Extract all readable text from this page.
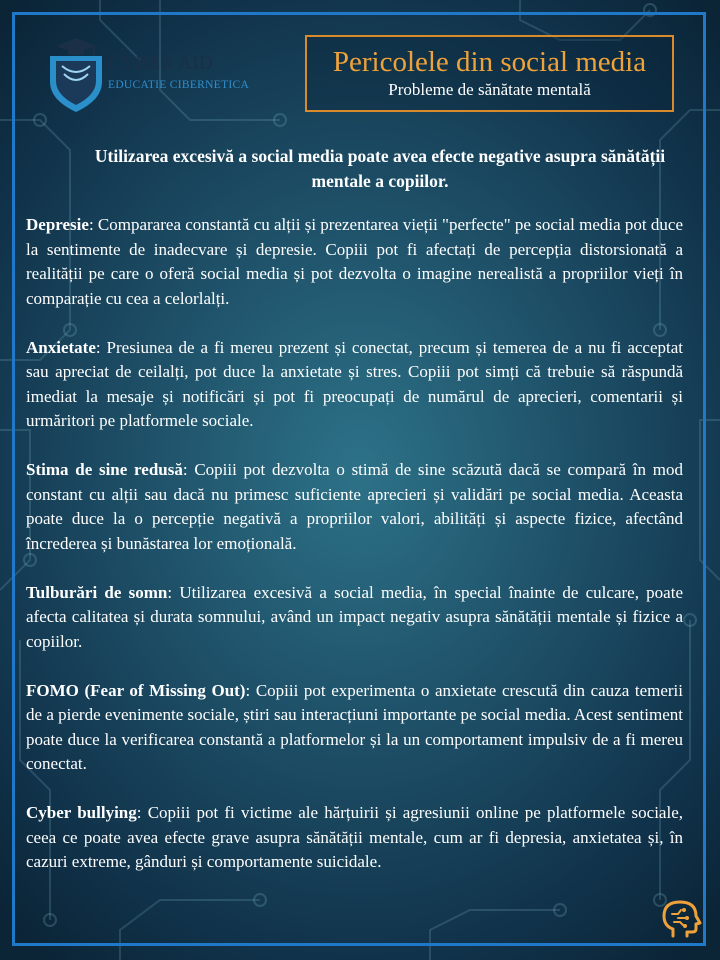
CYBER AID
EDUCATIE CIBERNETICA
Pericolele din social media
Probleme de sănătate mentală
Utilizarea excesivă a social media poate avea efecte negative asupra sănătății mentale a copiilor.

Depresie: Compararea constantă cu alții și prezentarea vieții "perfecte" pe social media pot duce la sentimente de inadecvare și depresie. Copiii pot fi afectați de percepția distorsionată a realității pe care o oferă social media și pot dezvolta o imagine nerealistă a propriilor vieți în comparație cu cea a celorlalți.

Anxietate: Presiunea de a fi mereu prezent și conectat, precum și temerea de a nu fi acceptat sau apreciat de ceilalți, pot duce la anxietate și stres. Copiii pot simți că trebuie să răspundă imediat la mesaje și notificări și pot fi preocupați de numărul de aprecieri, comentarii și urmăritori pe platformele sociale.

Stima de sine redusă: Copiii pot dezvolta o stimă de sine scăzută dacă se compară în mod constant cu alții sau dacă nu primesc suficiente aprecieri și validări pe social media. Aceasta poate duce la o percepție negativă a propriilor valori, abilități și aspecte fizice, afectând încrederea și bunăstarea lor emoțională.

Tulburări de somn: Utilizarea excesivă a social media, în special înainte de culcare, poate afecta calitatea și durata somnului, având un impact negativ asupra sănătății mentale și fizice a copiilor.

FOMO (Fear of Missing Out): Copiii pot experimenta o anxietate crescută din cauza temerii de a pierde evenimente sociale, știri sau interacțiuni importante pe social media. Acest sentiment poate duce la verificarea constantă a platformelor și la un comportament impulsiv de a fi mereu conectat.

Cyber bullying: Copiii pot fi victime ale hărțuirii și agresiunii online pe platformele sociale, ceea ce poate avea efecte grave asupra sănătății mentale, cum ar fi depresia, anxietatea și, în cazuri extreme, gânduri și comportamente suicidale.
